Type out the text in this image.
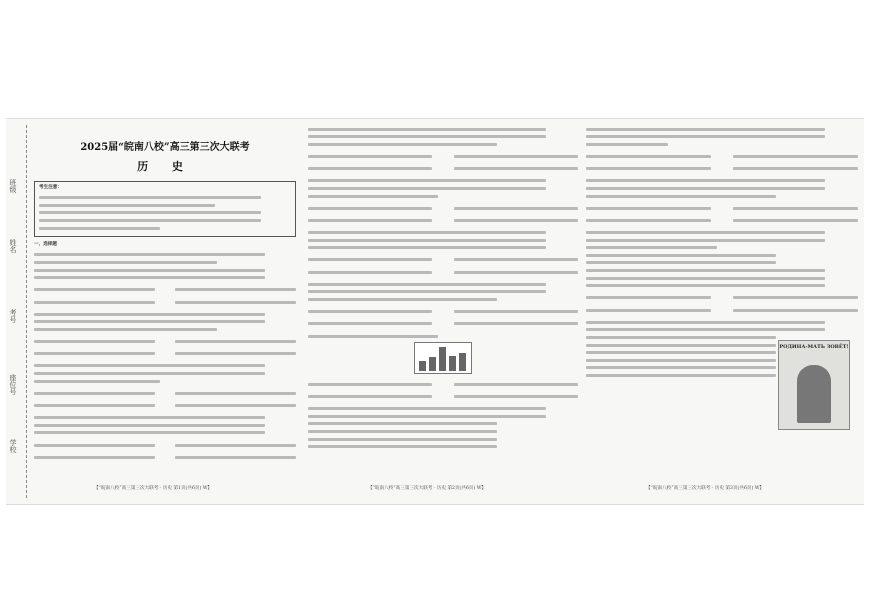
班级
姓名
考号
座位号
学校
2025届“皖南八校”高三第三次大联考
历 史
考生注意：
一、选择题
【“皖南八校”高三第三次大联考 · 历史 第1页(共6页) W】	【“皖南八校”高三第三次大联考 · 历史 第2页(共6页) W】
РОДИНА-МАТЬ ЗОВЁТ!
【“皖南八校”高三第三次大联考 · 历史 第3页(共6页) W】
